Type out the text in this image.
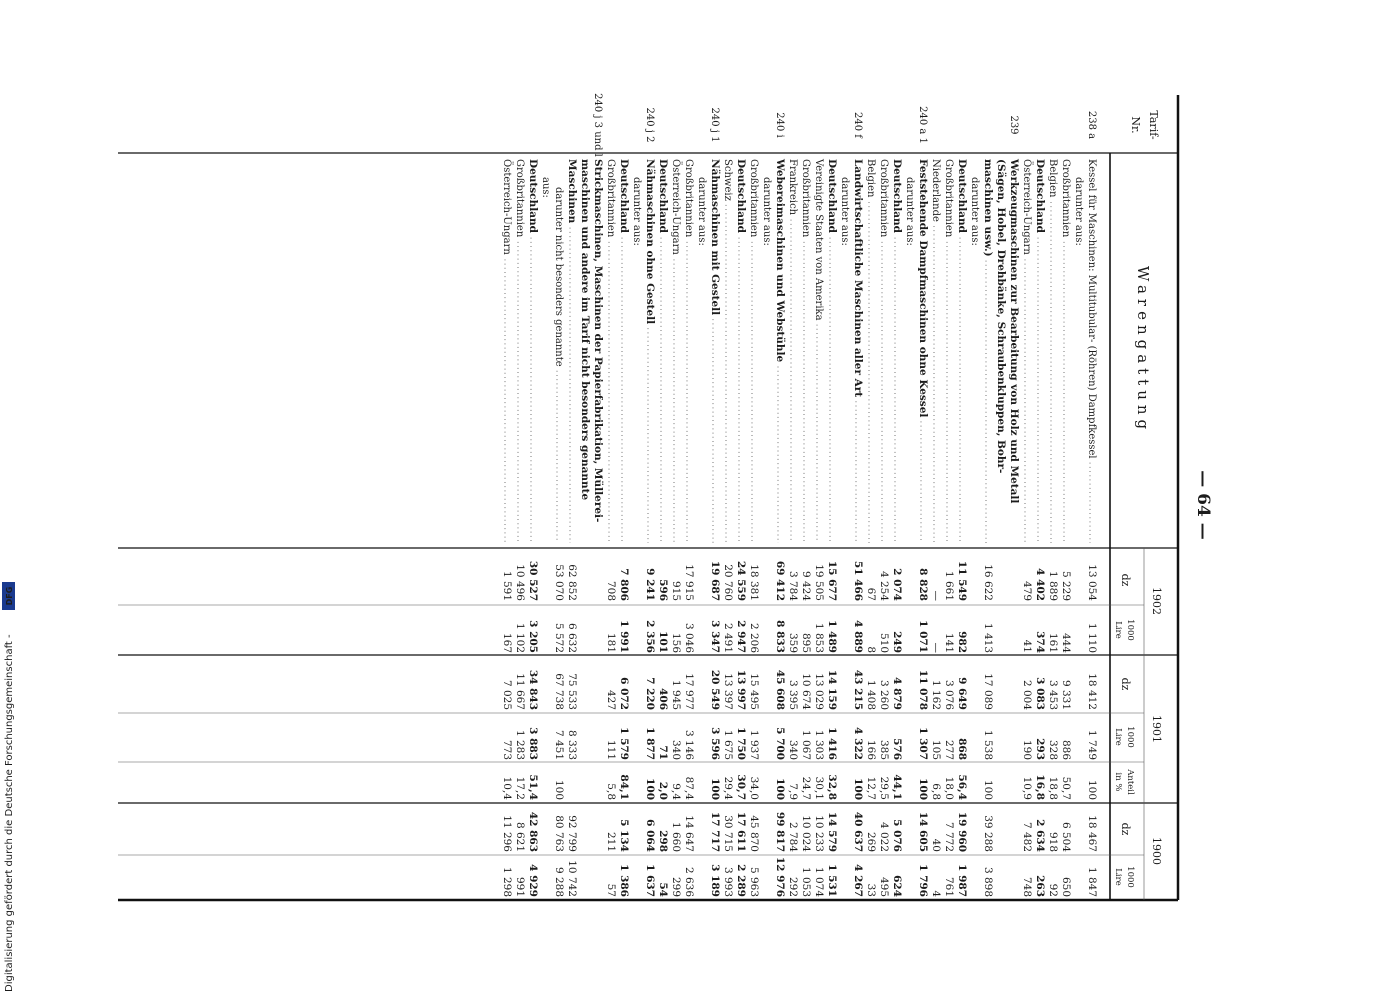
— 64 —
Tarif-
Nr.
Warengattung
1902
1901
1900
dz
1000
Lire
dz
1000
Lire
Anteil
in %
dz
1000
Lire
238 a
Kessel für Maschinen: Multitubular- (Röhren) Dampfkessel
13 054
1 110
18 412
1 749
100
18 467
1 847
darunter aus:
Großbritannien
5 229
444
9 331
886
50,7
6 504
650
Belgien
1 889
161
3 453
328
18,8
918
92
Deutschland
4 402
374
3 083
293
16,8
2 634
263
Österreich-Ungarn
479
41
2 004
190
10,9
7 482
748
239
Werkzeugmaschinen zur Bearbeitung von Holz und Metall
(Sägen, Hobel, Drehbänke, Schraubenkluppen, Bohr-
maschinen usw.)
16 622
1 413
17 089
1 538
100
39 288
3 898
darunter aus:
Deutschland
11 549
982
9 649
868
56,4
19 960
1 987
Großbritannien
1 661
141
3 076
277
18,0
7 772
761
Niederlande
—
—
1 162
105
6,8
40
4
240 a 1
Feststehende Dampfmaschinen ohne Kessel
8 828
1 071
11 078
1 307
100
14 605
1 796
darunter aus:
Deutschland
2 074
249
4 879
576
44,1
5 076
624
Großbritannien
4 254
510
3 260
385
29,5
4 022
495
Belgien
67
8
1 408
166
12,7
269
33
240 f
Landwirtschaftliche Maschinen aller Art
51 466
4 889
43 215
4 322
100
40 637
4 267
darunter aus:
Deutschland
15 677
1 489
14 159
1 416
32,8
14 579
1 531
Vereinigte Staaten von Amerika
19 505
1 853
13 029
1 303
30,1
10 233
1 074
Großbritannien
9 424
895
10 674
1 067
24,7
10 024
1 053
Frankreich
3 784
359
3 395
340
7,9
2 784
292
240 i
Webereimaschinen und Webstühle
69 412
8 833
45 608
5 700
100
99 817
12 976
darunter aus:
Großbritannien
18 381
2 206
15 495
1 937
34,0
45 870
5 963
Deutschland
24 559
2 947
13 997
1 750
30,7
17 611
2 289
Schweiz
20 760
2 491
13 397
1 675
29,4
30 715
3 993
240 j 1
Nähmaschinen mit Gestell
19 687
3 347
20 549
3 596
100
17 717
3 189
darunter aus:
Großbritannien
17 915
3 046
17 977
3 146
87,4
14 647
2 636
Österreich-Ungarn
915
156
1 945
340
9,4
1 660
299
Deutschland
596
101
406
71
2,0
298
54
240 j 2
Nähmaschinen ohne Gestell
9 241
2 356
7 220
1 877
100
6 064
1 637
darunter aus:
Deutschland
7 806
1 991
6 072
1 579
84,1
5 134
1 386
Großbritannien
708
181
427
111
5,8
211
57
240 j 3 und l
Strickmaschinen, Maschinen der Papierfabrikation, Müllerei-
maschinen und andere im Tarif nicht besonders genannte
Maschinen
62 852
6 632
75 533
8 333
92 799
10 742
darunter nicht besonders genannte
53 070
5 572
67 738
7 451
100
80 763
9 288
aus:
Deutschland
30 527
3 205
34 843
3 883
51,4
42 863
4 929
Großbritannien
10 496
1 102
11 667
1 283
17,2
8 621
991
Österreich-Ungarn
1 591
167
7 025
773
10,4
11 296
1 298
Digitalisierung gefördert durch die Deutsche Forschungsgemeinschaft -
DFG
